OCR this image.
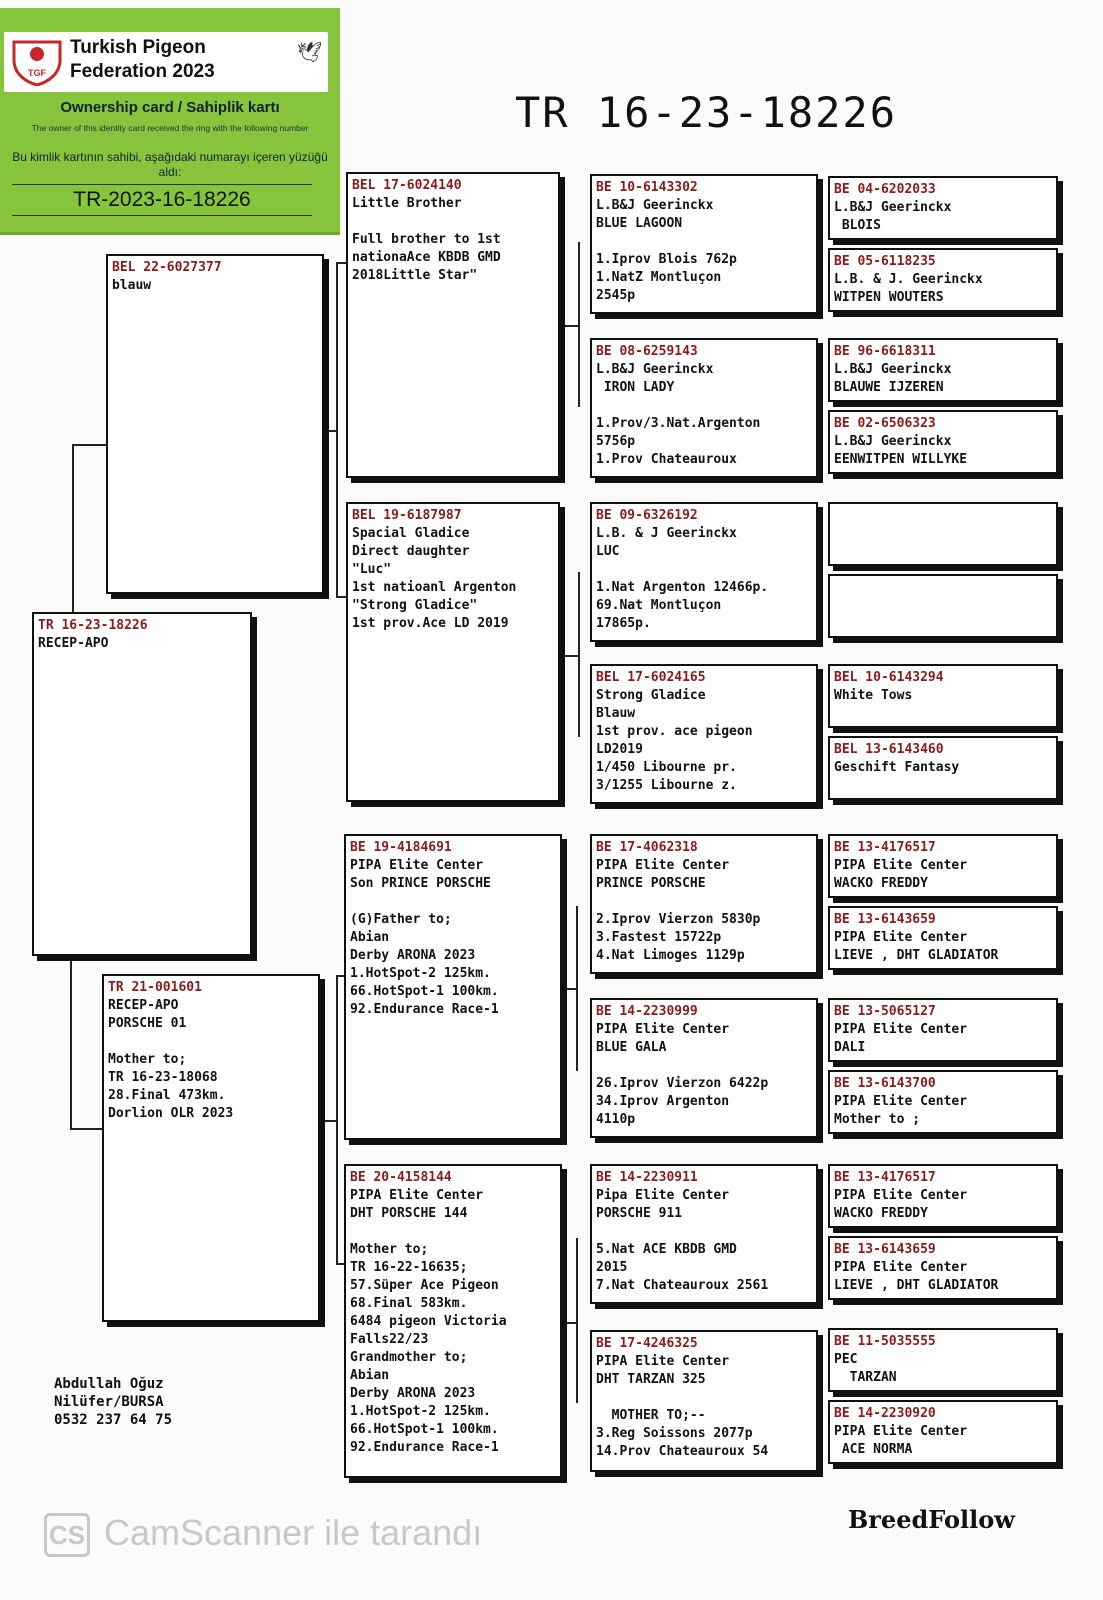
TGF
Turkish Pigeon
Federation 2023
🕊
Ownership card / Sahiplik kartı
The owner of this identity card received the ring with the following number
Bu kimlik kartının sahibi, aşağıdaki numarayı içeren yüzüğü aldı:
TR-2023-16-18226
TR 16-23-18226
TR 16-23-18226
RECEP-APO
BEL 22-6027377
blauw
TR 21-001601
RECEP-APO
PORSCHE 01
Mother to;
TR 16-23-18068
28.Final 473km.
Dorlion OLR 2023
BEL 17-6024140
Little Brother
Full brother to 1st
nationaAce KBDB GMD
2018Little Star"
BEL 19-6187987
Spacial Gladice
Direct daughter
"Luc"
1st natioanl Argenton
"Strong Gladice"
1st prov.Ace LD 2019
BE 19-4184691
PIPA Elite Center
Son PRINCE PORSCHE
(G)Father to;
Abian
Derby ARONA 2023
1.HotSpot-2 125km.
66.HotSpot-1 100km.
92.Endurance Race-1
BE 20-4158144
PIPA Elite Center
DHT PORSCHE 144
Mother to;
TR 16-22-16635;
57.Süper Ace Pigeon
68.Final 583km.
6484 pigeon Victoria
Falls22/23
Grandmother to;
Abian
Derby ARONA 2023
1.HotSpot-2 125km.
66.HotSpot-1 100km.
92.Endurance Race-1
BE 10-6143302
L.B&J Geerinckx
BLUE LAGOON
1.Iprov Blois 762p
1.NatZ Montluçon
2545p
BE 08-6259143
L.B&J Geerinckx
IRON LADY
1.Prov/3.Nat.Argenton
5756p
1.Prov Chateauroux
BE 09-6326192
L.B. & J Geerinckx
LUC
1.Nat Argenton 12466p.
69.Nat Montluçon
17865p.
BEL 17-6024165
Strong Gladice
Blauw
1st prov. ace pigeon
LD2019
1/450 Libourne pr.
3/1255 Libourne z.
BE 17-4062318
PIPA Elite Center
PRINCE PORSCHE
2.Iprov Vierzon 5830p
3.Fastest 15722p
4.Nat Limoges 1129p
BE 14-2230999
PIPA Elite Center
BLUE GALA
26.Iprov Vierzon 6422p
34.Iprov Argenton
4110p
BE 14-2230911
Pipa Elite Center
PORSCHE 911
5.Nat ACE KBDB GMD
2015
7.Nat Chateauroux 2561
BE 17-4246325
PIPA Elite Center
DHT TARZAN 325
MOTHER TO;--
3.Reg Soissons 2077p
14.Prov Chateauroux 54
BE 04-6202033
L.B&J Geerinckx
BLOIS
BE 05-6118235
L.B. & J. Geerinckx
WITPEN WOUTERS
BE 96-6618311
L.B&J Geerinckx
BLAUWE IJZEREN
BE 02-6506323
L.B&J Geerinckx
EENWITPEN WILLYKE
BEL 10-6143294
White Tows
BEL 13-6143460
Geschift Fantasy
BE 13-4176517
PIPA Elite Center
WACKO FREDDY
BE 13-6143659
PIPA Elite Center
LIEVE , DHT GLADIATOR
BE 13-5065127
PIPA Elite Center
DALI
BE 13-6143700
PIPA Elite Center
Mother to ;
BE 13-4176517
PIPA Elite Center
WACKO FREDDY
BE 13-6143659
PIPA Elite Center
LIEVE , DHT GLADIATOR
BE 11-5035555
PEC
TARZAN
BE 14-2230920
PIPA Elite Center
ACE NORMA
Abdullah Oğuz
Nilüfer/BURSA
0532 237 64 75
BreedFollow
CS CamScanner ile tarandı
